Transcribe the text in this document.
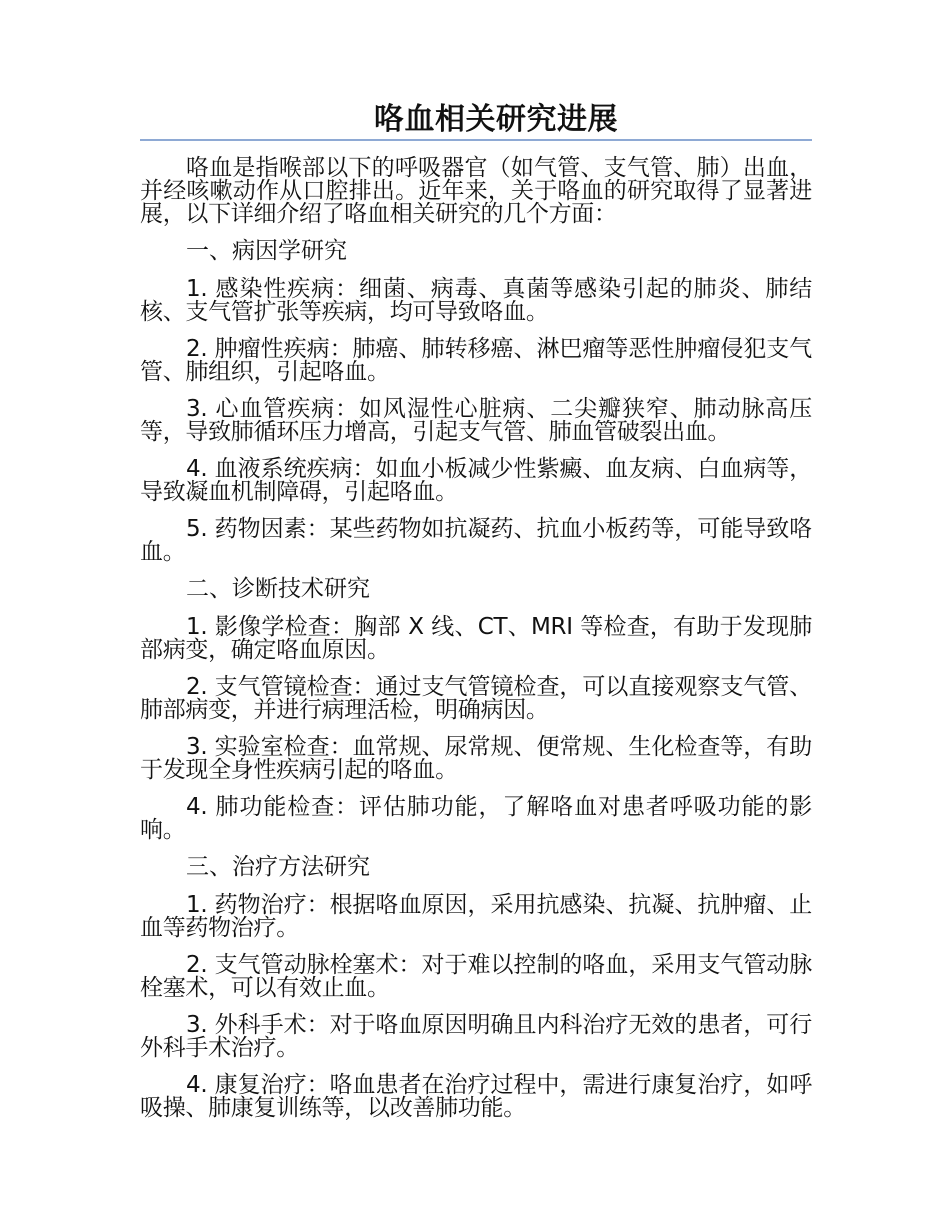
咯血相关研究进展

咯血是指喉部以下的呼吸器官（如气管、支气管、肺）出血，并经咳嗽动作从口腔排出。近年来，关于咯血的研究取得了显著进展，以下详细介绍了咯血相关研究的几个方面：

一、病因学研究

1. 感染性疾病：细菌、病毒、真菌等感染引起的肺炎、肺结核、支气管扩张等疾病，均可导致咯血。

2. 肿瘤性疾病：肺癌、肺转移癌、淋巴瘤等恶性肿瘤侵犯支气管、肺组织，引起咯血。

3. 心血管疾病：如风湿性心脏病、二尖瓣狭窄、肺动脉高压等，导致肺循环压力增高，引起支气管、肺血管破裂出血。

4. 血液系统疾病：如血小板减少性紫癜、血友病、白血病等，导致凝血机制障碍，引起咯血。

5. 药物因素：某些药物如抗凝药、抗血小板药等，可能导致咯血。

二、诊断技术研究

1. 影像学检查：胸部 X 线、CT、MRI 等检查，有助于发现肺部病变，确定咯血原因。

2. 支气管镜检查：通过支气管镜检查，可以直接观察支气管、肺部病变，并进行病理活检，明确病因。

3. 实验室检查：血常规、尿常规、便常规、生化检查等，有助于发现全身性疾病引起的咯血。

4. 肺功能检查：评估肺功能，了解咯血对患者呼吸功能的影响。

三、治疗方法研究

1. 药物治疗：根据咯血原因，采用抗感染、抗凝、抗肿瘤、止血等药物治疗。

2. 支气管动脉栓塞术：对于难以控制的咯血，采用支气管动脉栓塞术，可以有效止血。

3. 外科手术：对于咯血原因明确且内科治疗无效的患者，可行外科手术治疗。

4. 康复治疗：咯血患者在治疗过程中，需进行康复治疗，如呼吸操、肺康复训练等，以改善肺功能。
